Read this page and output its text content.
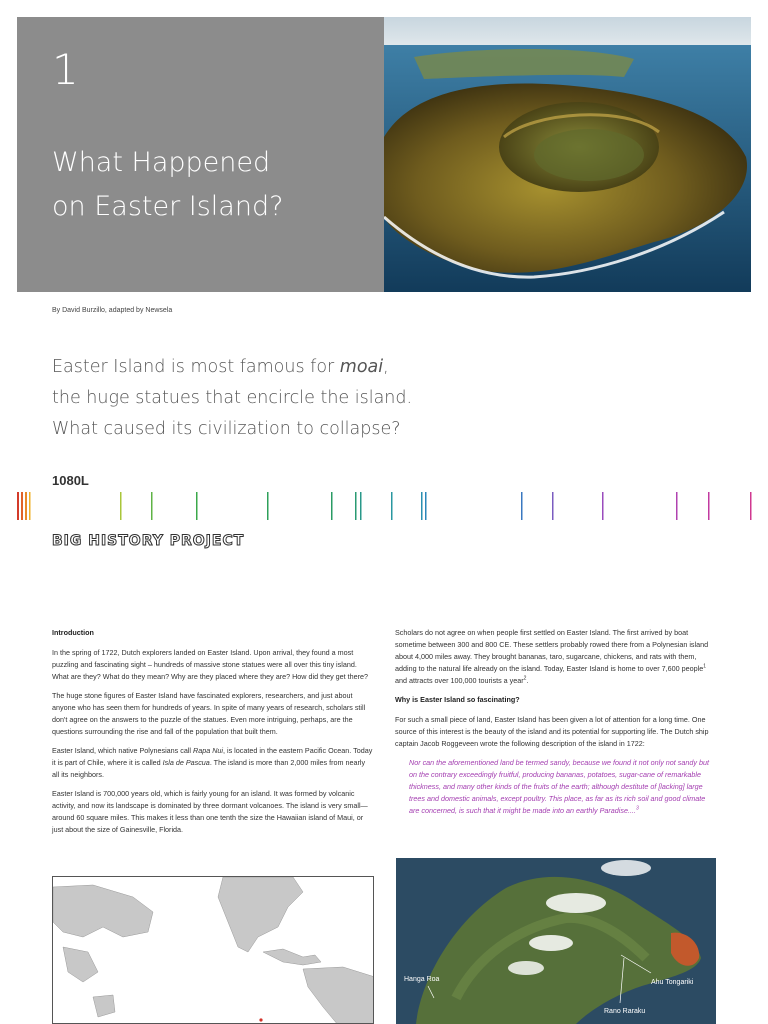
1
What Happened
on Easter Island?
By David Burzillo, adapted by Newsela
Easter Island is most famous for moai,
the huge statues that encircle the island.
What caused its civilization to collapse?
1080L
BIG HISTORY PROJECT
Introduction

In the spring of 1722, Dutch explorers landed on Easter Island. Upon arrival, they found a most puzzling and fascinating sight – hundreds of massive stone statues were all over this tiny island. What are they? What do they mean? Why are they placed where they are? How did they get there?

The huge stone figures of Easter Island have fascinated explorers, researchers, and just about anyone who has seen them for hundreds of years. In spite of many years of research, scholars still don't agree on the answers to the puzzle of the statues. Even more intriguing, perhaps, are the questions surrounding the rise and fall of the population that built them.

Easter Island, which native Polynesians call Rapa Nui, is located in the eastern Pacific Ocean. Today it is part of Chile, where it is called Isla de Pascua. The island is more than 2,000 miles from nearly all its neighbors.

Easter Island is 700,000 years old, which is fairly young for an island. It was formed by volcanic activity, and now its landscape is dominated by three dormant volcanoes. The island is very small—around 60 square miles. This makes it less than one tenth the size the Hawaiian island of Maui, or just about the size of Gainesville, Florida.

Scholars do not agree on when people first settled on Easter Island. The first arrived by boat sometime between 300 and 800 CE. These settlers probably rowed there from a Polynesian island about 4,000 miles away. They brought bananas, taro, sugarcane, chickens, and rats with them, adding to the natural life already on the island. Today, Easter Island is home to over 7,600 people$^1$ and attracts over 100,000 tourists a year$^2$.

Why is Easter Island so fascinating?

For such a small piece of land, Easter Island has been given a lot of attention for a long time. One source of this interest is the beauty of the island and its potential for supporting life. The Dutch ship captain Jacob Roggeveen wrote the following description of the island in 1722:

Nor can the aforementioned land be termed sandy, because we found it not only not sandy but on the contrary exceedingly fruitful, producing bananas, potatoes, sugar-cane of remarkable thickness, and many other kinds of the fruits of the earth; although destitute of [lacking] large trees and domestic animals, except poultry. This place, as far as its rich soil and good climate are concerned, is such that it might be made into an earthly Paradise....$^3$

Hanga Roa	Ahu Tongariki
Rano Raraku
